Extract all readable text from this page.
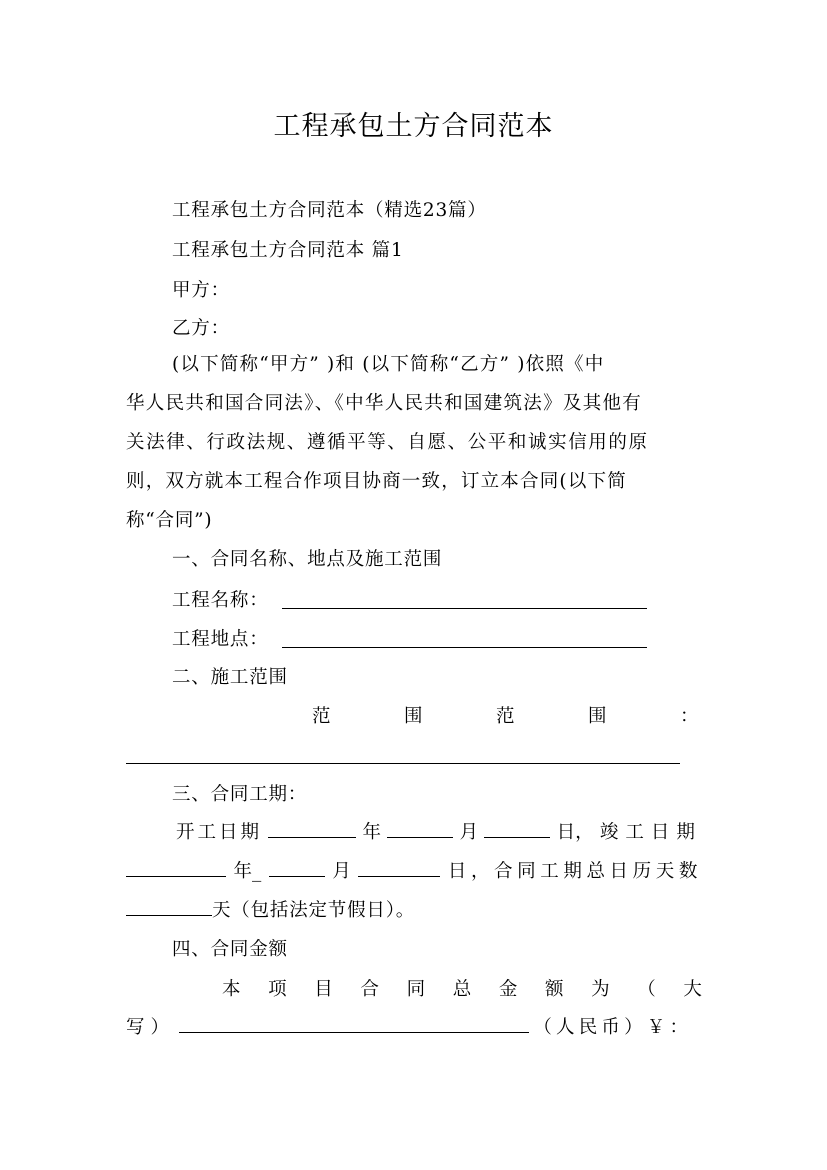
工程承包土方合同范本
工程承包土方合同范本（精选23篇）
工程承包土方合同范本 篇1
甲方：
乙方：
(以下简称“甲方” )和 (以下简称“乙方” )依照《中
华人民共和国合同法》、《中华人民共和国建筑法》及其他有
关法律、行政法规、遵循平等、自愿、公平和诚实信用的原
则，双方就本工程合作项目协商一致，订立本合同(以下简
称“合同”)
一、合同名称、地点及施工范围
工程名称：
工程地点：
二、施工范围
范	围	范	围	：
三、合同工期：
开工日期	年	月	日， 竣工日期
年_	月	日，合同工期总日历天数
天（包括法定节假日）。
四、合同金额
本 项 目 合 同 总 金 额 为 （ 大
写）	（ 人 民 币 ） ￥ ：
